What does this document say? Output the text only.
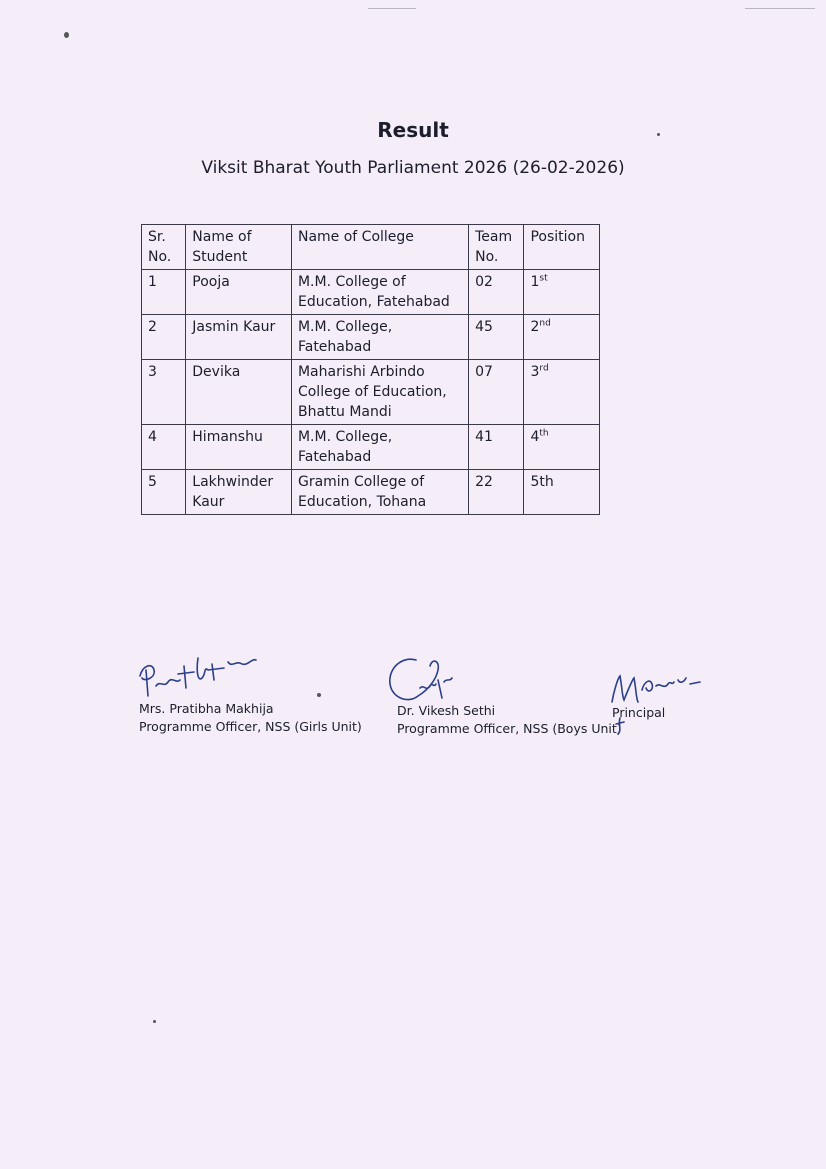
Result
Viksit Bharat Youth Parliament 2026 (26-02-2026)
Sr. No.	Name of Student	Name of College	Team No.	Position
1	Pooja	M.M. College of Education, Fatehabad	02	1st
2	Jasmin Kaur	M.M. College, Fatehabad	45	2nd
3	Devika	Maharishi Arbindo College of Education, Bhattu Mandi	07	3rd
4	Himanshu	M.M. College, Fatehabad	41	4th
5	Lakhwinder Kaur	Gramin College of Education, Tohana	22	5th
Mrs. Pratibha Makhija
Programme Officer, NSS (Girls Unit)
Dr. Vikesh Sethi
Programme Officer, NSS (Boys Unit)
Principal
